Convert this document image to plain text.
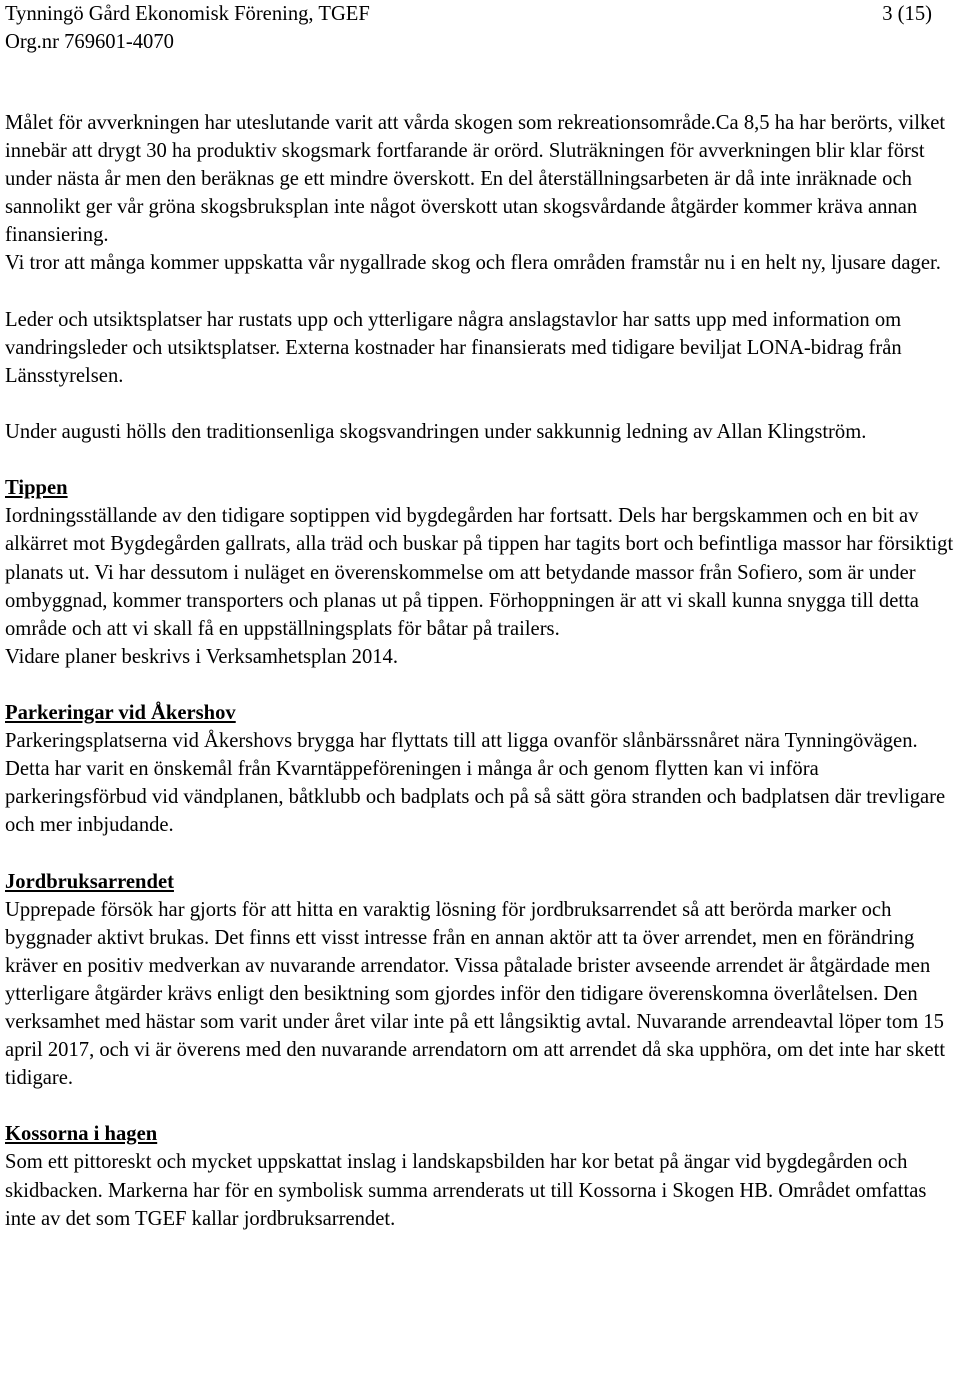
Tynningö Gård Ekonomisk Förening, TGEF
Org.nr 769601-4070
3 (15)

Målet för avverkningen har uteslutande varit att vårda skogen som rekreationsområde.Ca 8,5 ha har berörts, vilket innebär att drygt 30 ha produktiv skogsmark fortfarande är orörd. Sluträkningen för avverkningen blir klar först under nästa år men den beräknas ge ett mindre överskott. En del återställningsarbeten är då inte inräknade och sannolikt ger vår gröna skogsbruksplan inte något överskott utan skogsvårdande åtgärder kommer kräva annan finansiering.

Vi tror att många kommer uppskatta vår nygallrade skog och flera områden framstår nu i en helt ny, ljusare dager.

Leder och utsiktsplatser har rustats upp och ytterligare några anslagstavlor har satts upp med information om vandringsleder och utsiktsplatser. Externa kostnader har finansierats med tidigare beviljat LONA-bidrag från Länsstyrelsen.

Under augusti hölls den traditionsenliga skogsvandringen under sakkunnig ledning av Allan Klingström.

Tippen

Iordningsställande av den tidigare soptippen vid bygdegården har fortsatt. Dels har bergskammen och en bit av alkärret mot Bygdegården gallrats, alla träd och buskar på tippen har tagits bort och befintliga massor har försiktigt planats ut. Vi har dessutom i nuläget en överenskommelse om att betydande massor från Sofiero, som är under ombyggnad, kommer transporters och planas ut på tippen. Förhoppningen är att vi skall kunna snygga till detta område och att vi skall få en uppställningsplats för båtar på trailers.

Vidare planer beskrivs i Verksamhetsplan 2014.

Parkeringar vid Åkershov

Parkeringsplatserna vid Åkershovs brygga har flyttats till att ligga ovanför slånbärssnåret nära Tynningövägen. Detta har varit en önskemål från Kvarntäppeföreningen i många år och genom flytten kan vi införa parkeringsförbud vid vändplanen, båtklubb och badplats och på så sätt göra stranden och badplatsen där trevligare och mer inbjudande.

Jordbruksarrendet

Upprepade försök har gjorts för att hitta en varaktig lösning för jordbruksarrendet så att berörda marker och byggnader aktivt brukas. Det finns ett visst intresse från en annan aktör att ta över arrendet, men en förändring kräver en positiv medverkan av nuvarande arrendator. Vissa påtalade brister avseende arrendet är åtgärdade men ytterligare åtgärder krävs enligt den besiktning som gjordes inför den tidigare överenskomna överlåtelsen. Den verksamhet med hästar som varit under året vilar inte på ett långsiktig avtal. Nuvarande arrendeavtal löper tom 15 april 2017, och vi är överens med den nuvarande arrendatorn om att arrendet då ska upphöra, om det inte har skett tidigare.

Kossorna i hagen

Som ett pittoreskt och mycket uppskattat inslag i landskapsbilden har kor betat på ängar vid bygdegården och skidbacken. Markerna har för en symbolisk summa arrenderats ut till Kossorna i Skogen HB. Området omfattas inte av det som TGEF kallar jordbruksarrendet.
